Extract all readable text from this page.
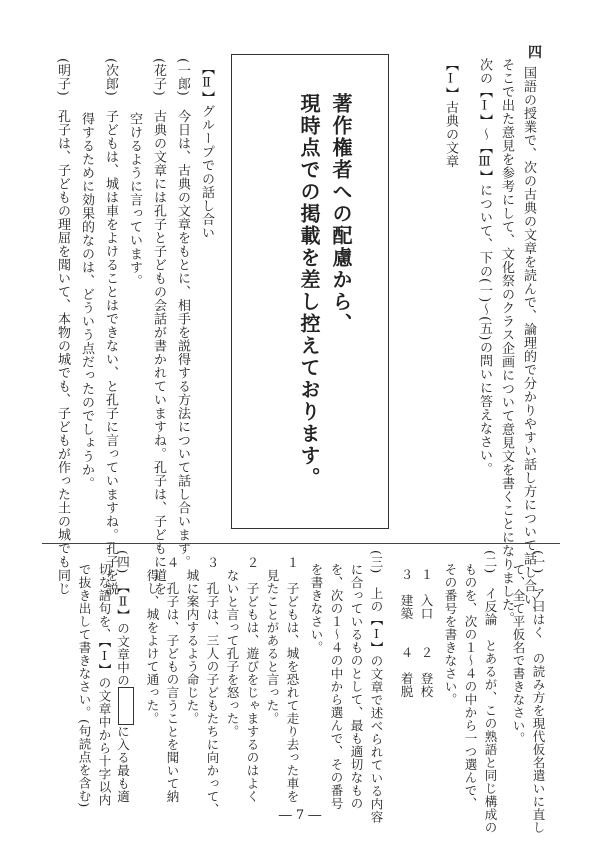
四
国語の授業で、次の古典の文章を読んで、論理的で分かりやすい話し方について話し合い、
そこで出た意見を参考にして、文化祭のクラス企画について意見文を書くことになりました。
次の【Ⅰ】～【Ⅲ】について、下の(一)～(五)の問いに答えなさい。
【Ⅰ】古典の文章
著作権者への配慮から、
現時点での掲載を差し控えております。
【Ⅱ】グループでの話し合い
(一郎)　今日は、古典の文章をもとに、相手を説得する方法について話し合います。
(花子)　古典の文章には孔子と子どもの会話が書かれていますね。孔子は、子どもに道を
　　　　空けるように言っています。
(次郎)　子どもは、城は車をよけることはできない、と孔子に言っていますね。孔子を説
　　　　得するために効果的なのは、どういう点だったのでしょうか。
(明子)　孔子は、子どもの理屈を聞いて、本物の城でも、子どもが作った土の城でも同じ
(一)　ア曰はく　の読み方を現代仮名遣いに直し
　て、全て平仮名で書きなさい。
(二)　イ反論　とあるが、この熟語と同じ構成の
　ものを、次の１～４の中から一つ選んで、
　その番号を書きなさい。
１　入口　　２　登校
３　建築　　４　着脱
(三)　上の【Ⅰ】の文章で述べられている内容
　に合っているものとして、最も適切なもの
　を、次の１～４の中から選んで、その番号
　を書きなさい。
１　子どもは、城を恐れて走り去った車を
　見たことがあると言った。
２　子どもは、遊びをじゃまするのはよく
　ないと言って孔子を怒った。
３　孔子は、三人の子どもたちに向かって、
　城に案内するよう命じた。
４　孔子は、子どもの言うことを聞いて納
　得し、城をよけて通った。
(四)　【Ⅱ】の文章中のに入る最も適
　切な語句を、【Ⅰ】の文章中から十字以内
　で抜き出して書きなさい。(句読点を含む)
― 7 ―
